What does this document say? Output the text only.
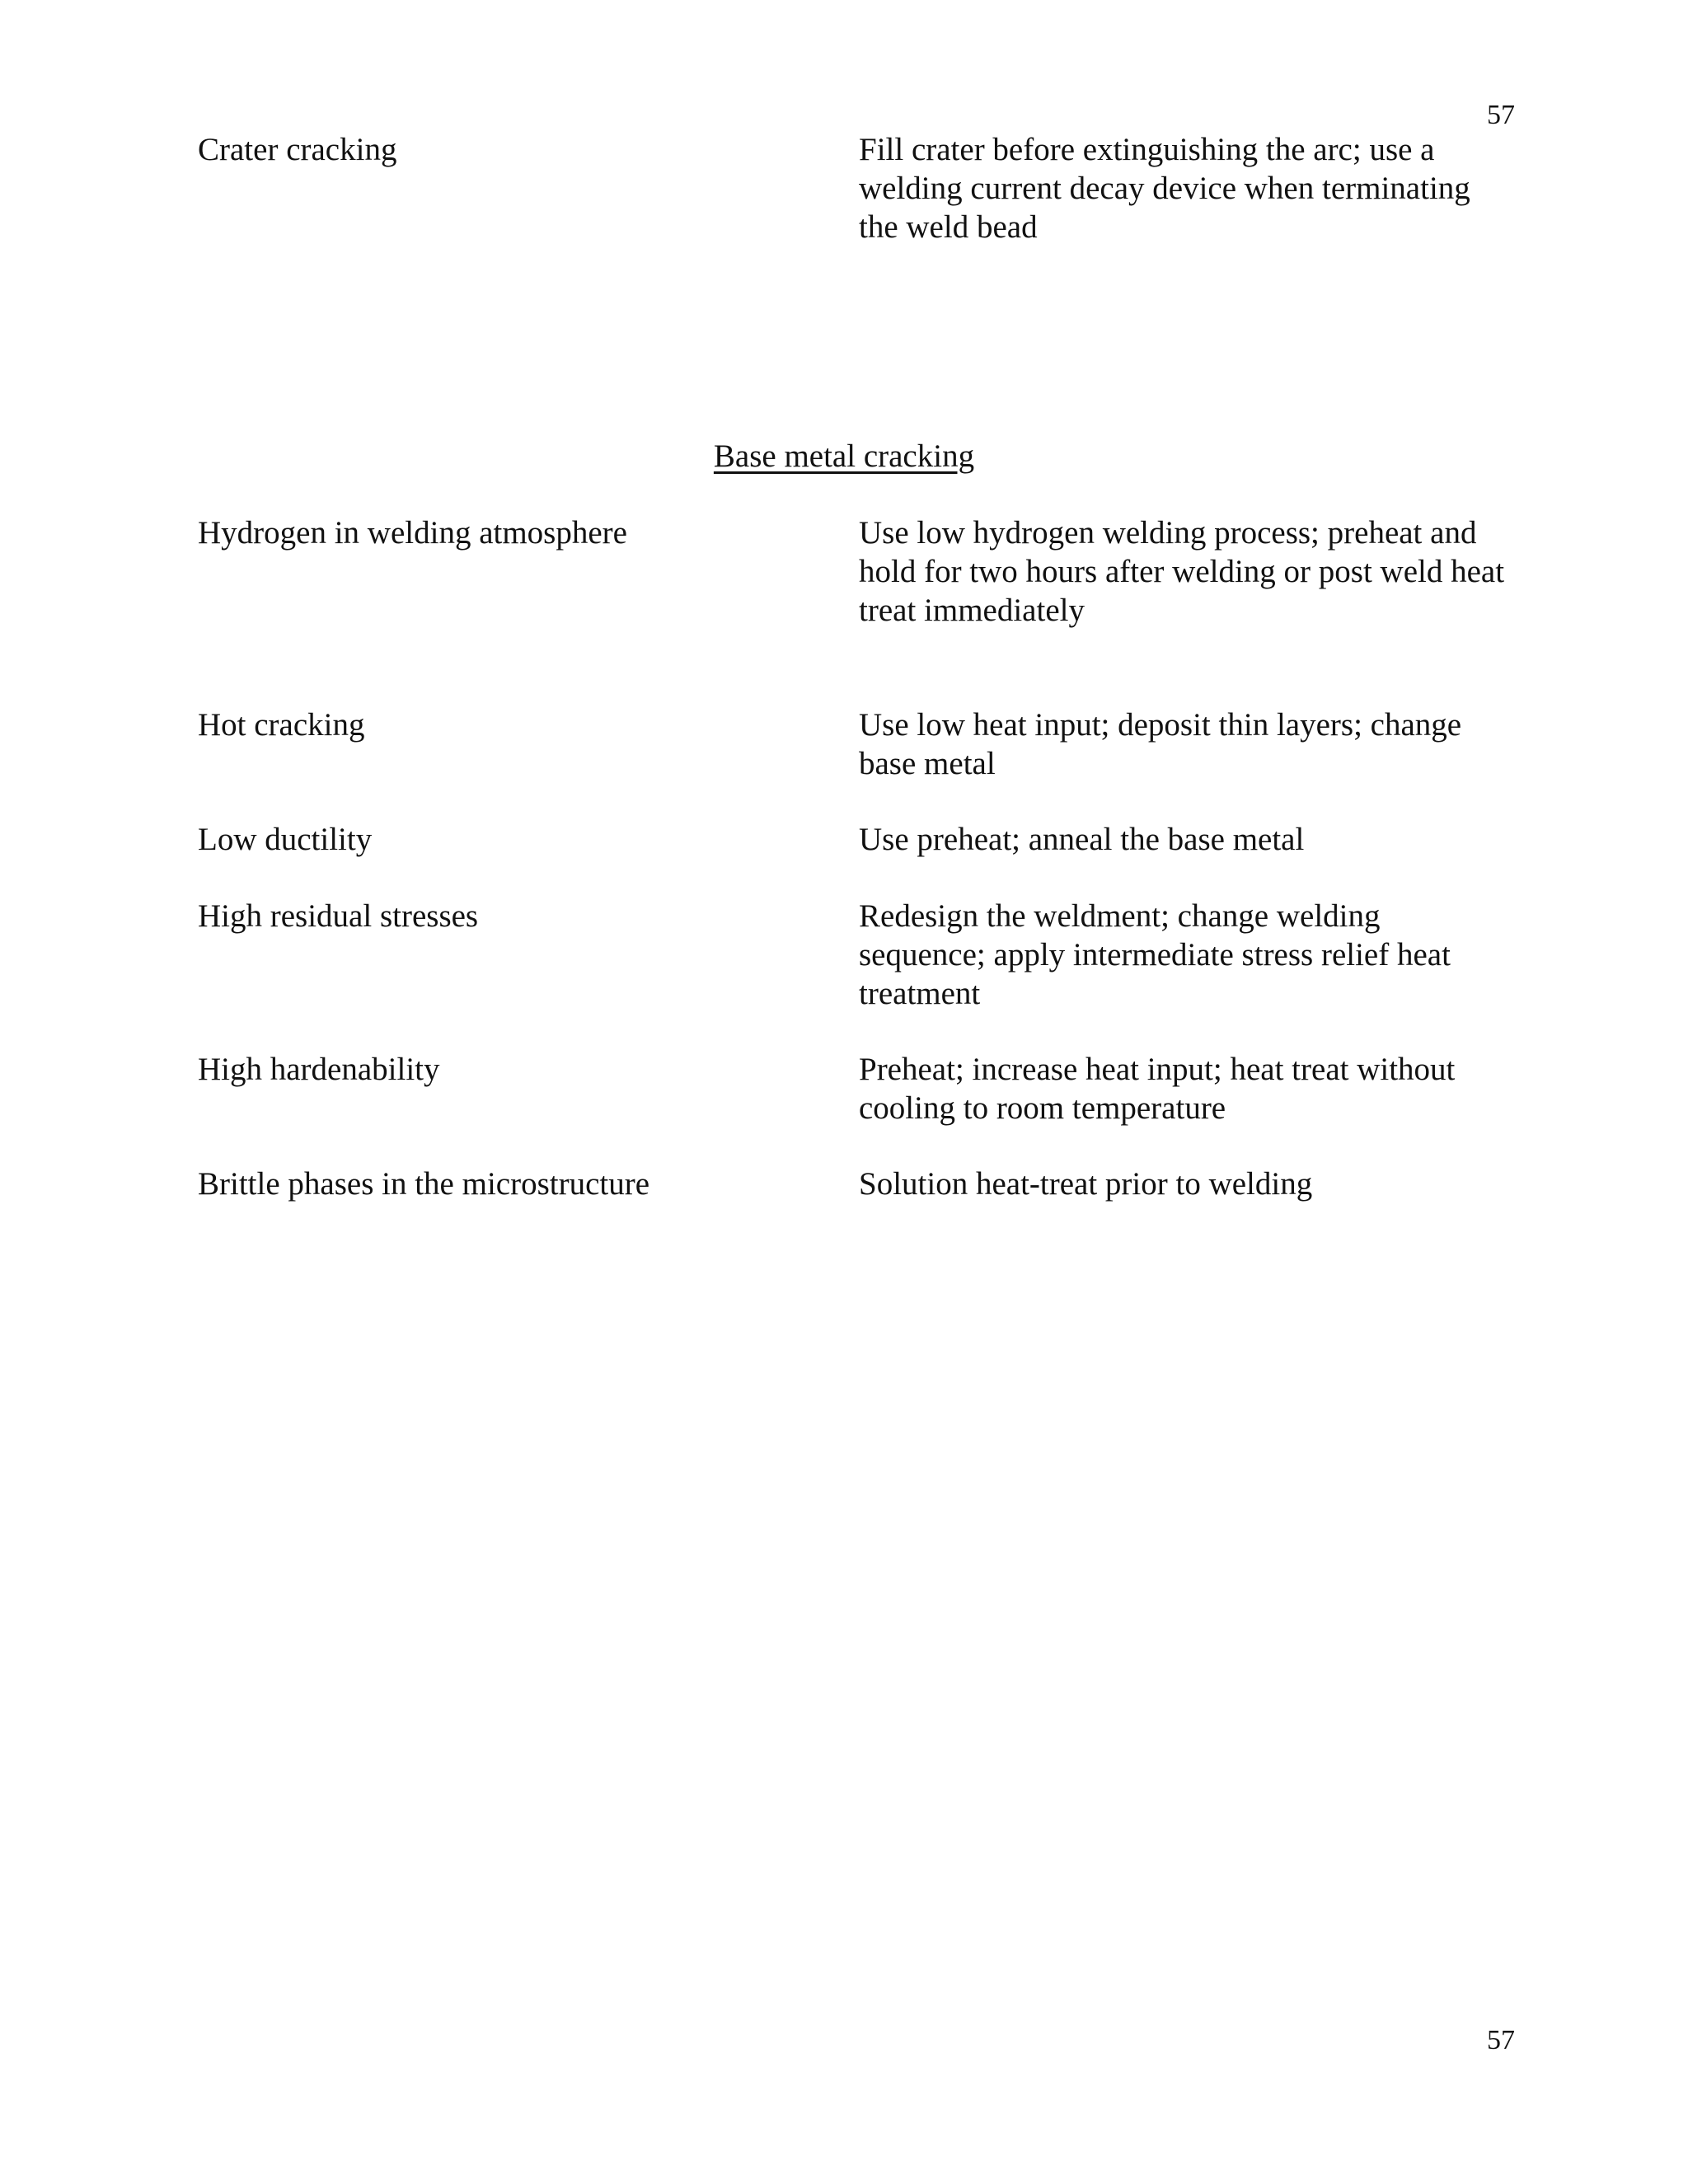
57
Crater cracking	Fill crater before extinguishing the arc; use a
welding current decay device when terminating
the weld bead
Base metal cracking
Hydrogen in welding atmosphere	Use low hydrogen welding process; preheat and
hold for two hours after welding or post weld heat
treat immediately
Hot cracking	Use low heat input; deposit thin layers; change
base metal
Low ductility	Use preheat; anneal the base metal
High residual stresses	Redesign the weldment; change welding
sequence; apply intermediate stress relief heat
treatment
High hardenability	Preheat; increase heat input; heat treat without
cooling to room temperature
Brittle phases in the microstructure	Solution heat-treat prior to welding
57
